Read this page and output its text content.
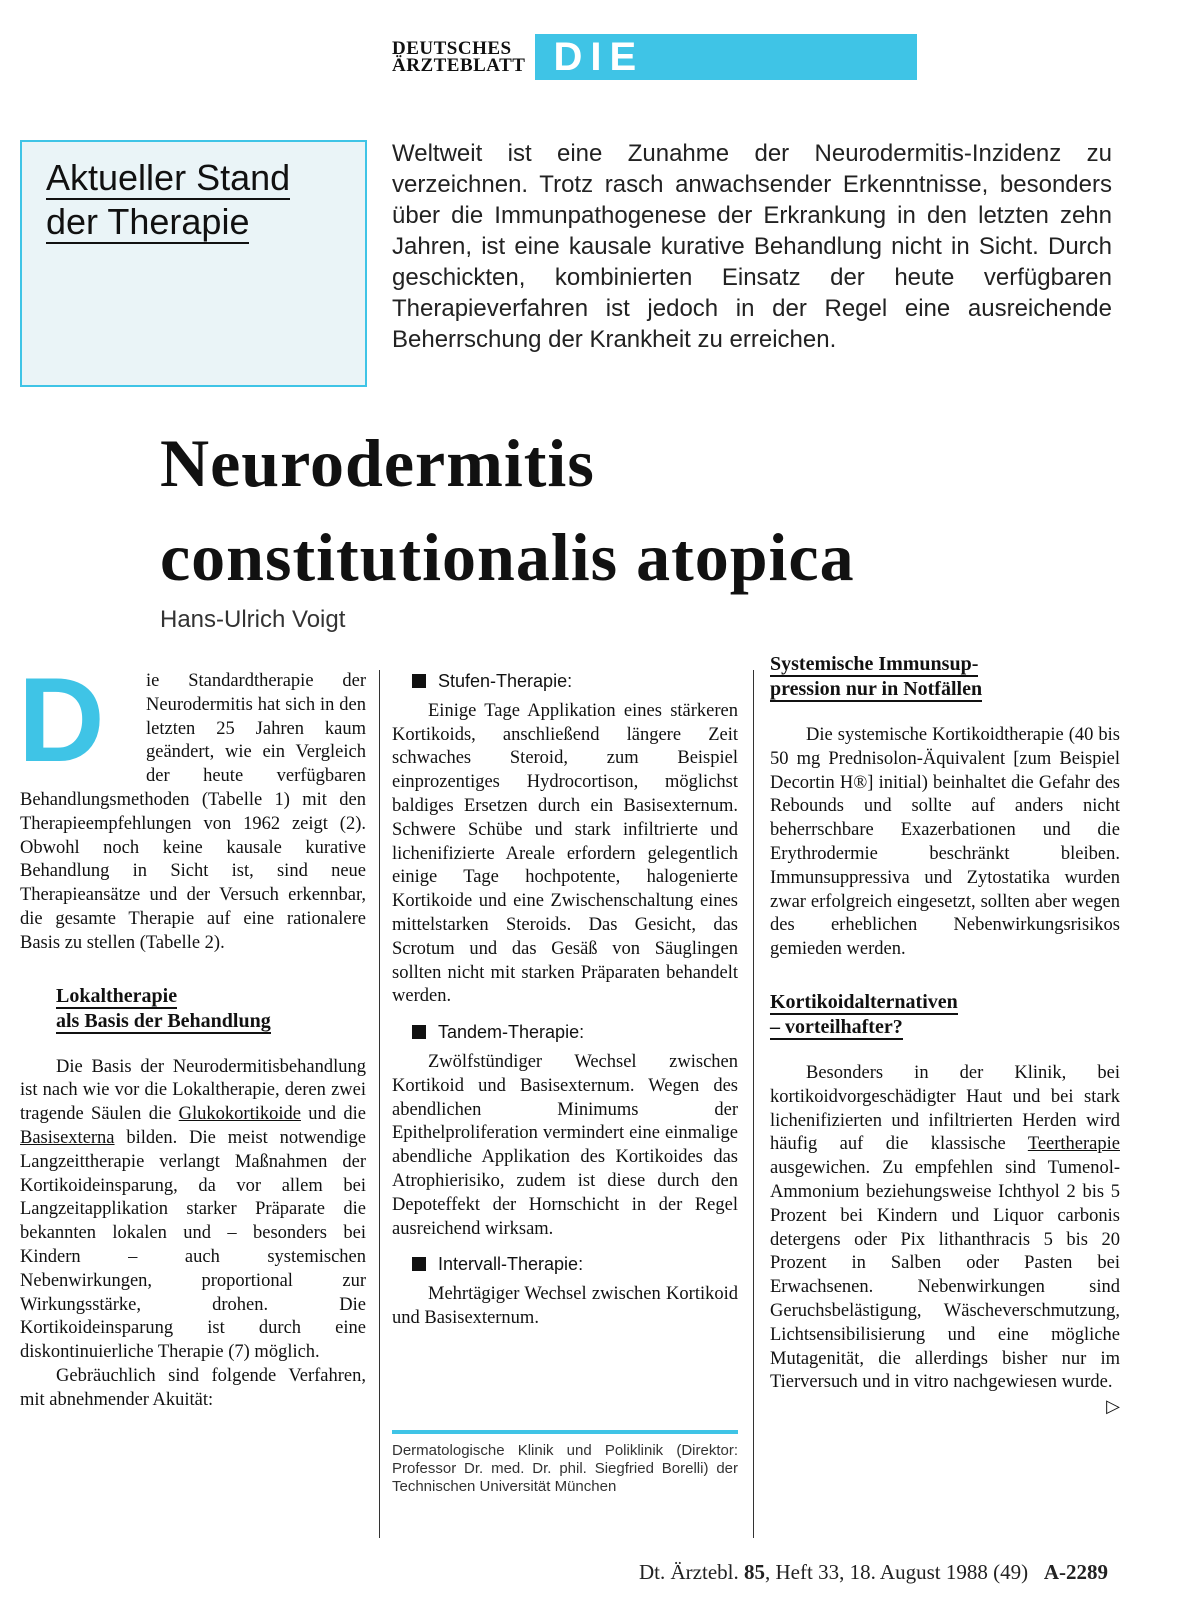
DEUTSCHES
ÄRZTEBLATT DIE ÜBERSICHT
Aktueller Stand
der Therapie

Weltweit ist eine Zunahme der Neurodermitis-Inzidenz zu verzeichnen. Trotz rasch anwachsender Erkenntnisse, besonders über die Immunpathogenese der Erkrankung in den letzten zehn Jahren, ist eine kausale kurative Behandlung nicht in Sicht. Durch geschickten, kombinierten Einsatz der heute verfügbaren Therapieverfahren ist jedoch in der Regel eine ausreichende Beherrschung der Krankheit zu erreichen.

Neurodermitis
constitutionalis atopica

Hans-Ulrich Voigt

D	ie Standardtherapie der Neurodermitis hat sich in den letzten 25 Jahren kaum geändert, wie ein Vergleich der heute verfügbaren Behandlungsmethoden (Tabelle 1) mit den Therapieempfehlungen von 1962 zeigt (2). Obwohl noch keine kausale kurative Behandlung in Sicht ist, sind neue Therapieansätze und der Versuch erkennbar, die gesamte Therapie auf eine rationalere Basis zu stellen (Tabelle 2).

Lokaltherapie
als Basis der Behandlung

Die Basis der Neurodermitisbehandlung ist nach wie vor die Lokaltherapie, deren zwei tragende Säulen die Glukokortikoide und die Basisexterna bilden. Die meist notwendige Langzeittherapie verlangt Maßnahmen der Kortikoideinsparung, da vor allem bei Langzeitapplikation starker Präparate die bekannten lokalen und – besonders bei Kindern – auch systemischen Nebenwirkungen, proportional zur Wirkungsstärke, drohen. Die Kortikoideinsparung ist durch eine diskontinuierliche Therapie (7) möglich.

Gebräuchlich sind folgende Verfahren, mit abnehmender Akuität:

Stufen-Therapie:

Einige Tage Applikation eines stärkeren Kortikoids, anschließend längere Zeit schwaches Steroid, zum Beispiel einprozentiges Hydrocortison, möglichst baldiges Ersetzen durch ein Basisexternum. Schwere Schübe und stark infiltrierte und lichenifizierte Areale erfordern gelegentlich einige Tage hochpotente, halogenierte Kortikoide und eine Zwischenschaltung eines mittelstarken Steroids. Das Gesicht, das Scrotum und das Gesäß von Säuglingen sollten nicht mit starken Präparaten behandelt werden.

Tandem-Therapie:

Zwölfstündiger Wechsel zwischen Kortikoid und Basisexternum. Wegen des abendlichen Minimums der Epithelproliferation vermindert eine einmalige abendliche Applikation des Kortikoides das Atrophierisiko, zudem ist diese durch den Depoteffekt der Hornschicht in der Regel ausreichend wirksam.

Intervall-Therapie:

Mehrtägiger Wechsel zwischen Kortikoid und Basisexternum.

Dermatologische Klinik und Poliklinik (Direktor: Professor Dr. med. Dr. phil. Siegfried Borelli) der Technischen Universität München
Systemische Immunsup-
pression nur in Notfällen

Die systemische Kortikoidtherapie (40 bis 50 mg Prednisolon-Äquivalent [zum Beispiel Decortin H®] initial) beinhaltet die Gefahr des Rebounds und sollte auf anders nicht beherrschbare Exazerbationen und die Erythrodermie beschränkt bleiben. Immunsuppressiva und Zytostatika wurden zwar erfolgreich eingesetzt, sollten aber wegen des erheblichen Nebenwirkungsrisikos gemieden werden.

Kortikoidalternativen
– vorteilhafter?

Besonders in der Klinik, bei kortikoidvorgeschädigter Haut und bei stark lichenifizierten und infiltrierten Herden wird häufig auf die klassische Teertherapie ausgewichen. Zu empfehlen sind Tumenol-Ammonium beziehungsweise Ichthyol 2 bis 5 Prozent bei Kindern und Liquor carbonis detergens oder Pix lithanthracis 5 bis 20 Prozent in Salben oder Pasten bei Erwachsenen. Nebenwirkungen sind Geruchsbelästigung, Wäscheverschmutzung, Lichtsensibilisierung und eine mögliche Mutagenität, die allerdings bisher nur im Tierversuch und in vitro nachgewiesen wurde.
▷

Dt. Ärztebl. 85, Heft 33, 18. August 1988 (49) A-2289
